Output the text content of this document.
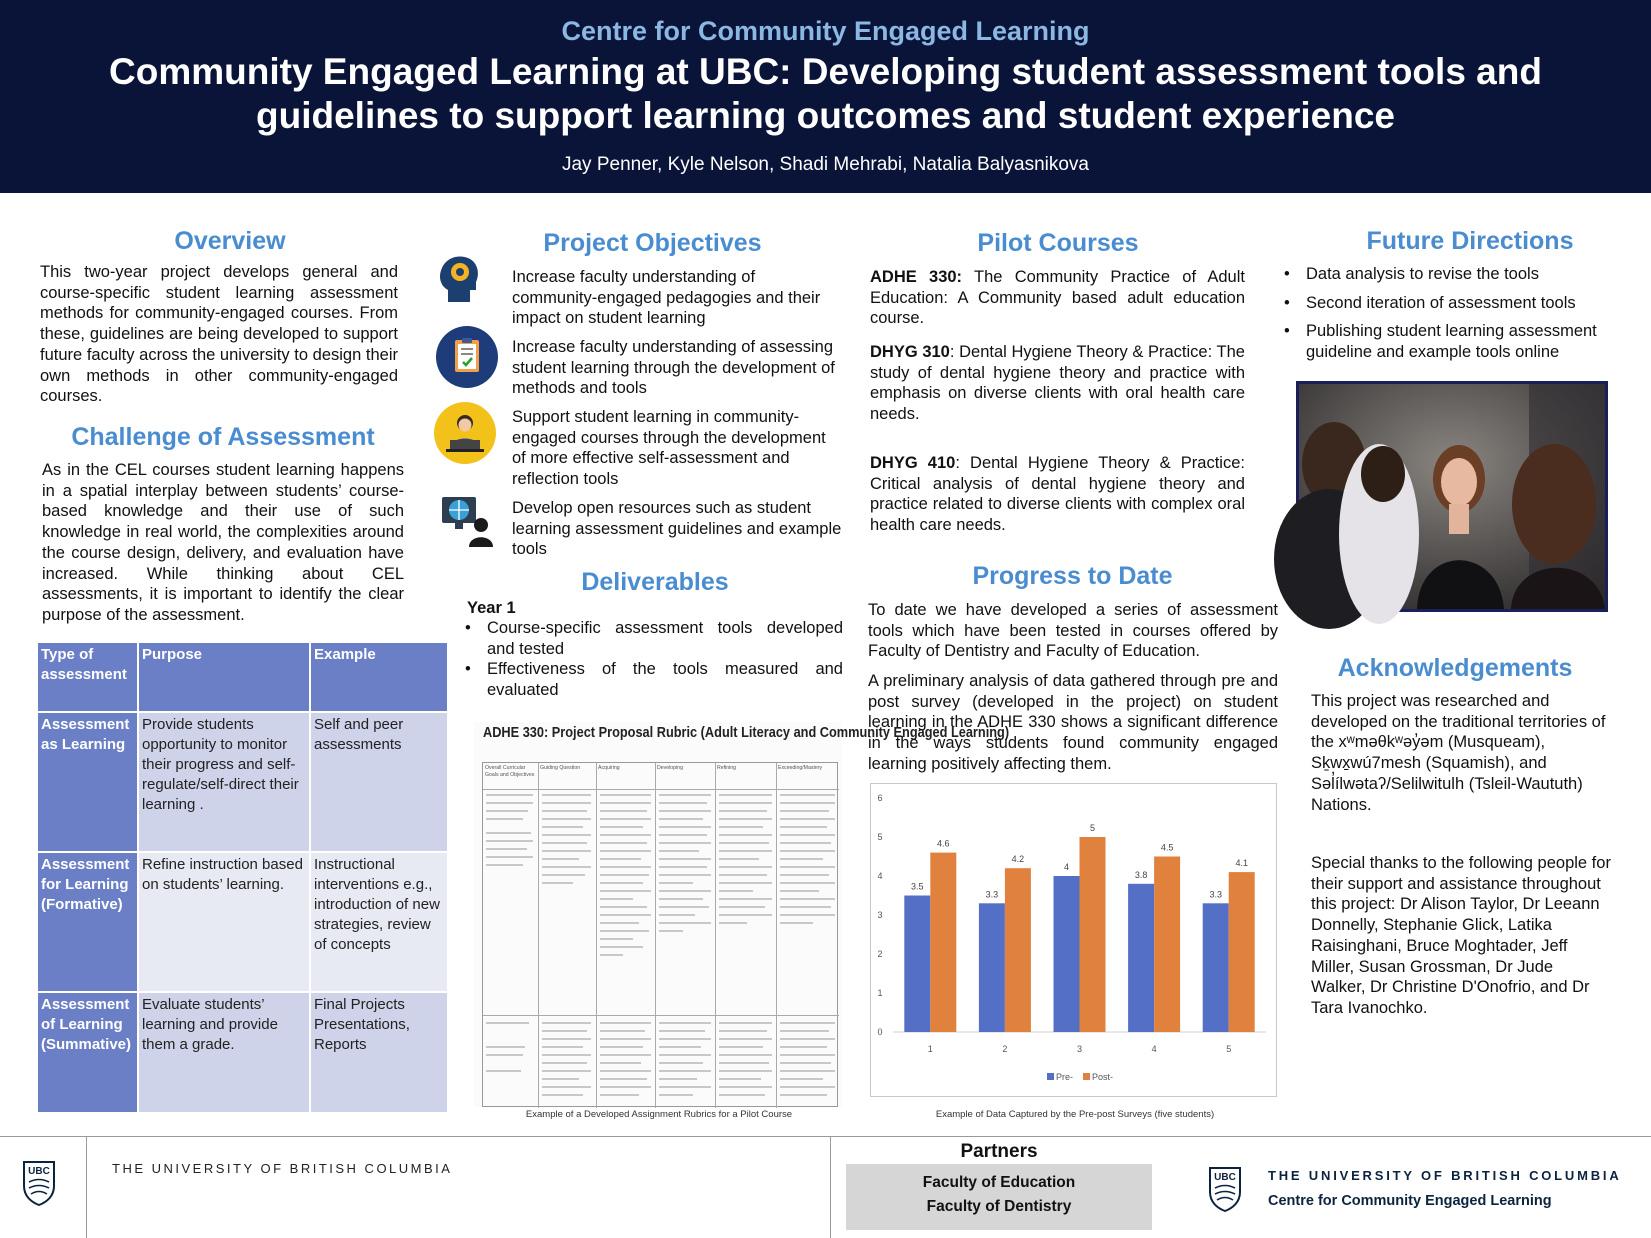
Centre for Community Engaged Learning
Community Engaged Learning at UBC: Developing student assessment tools and
guidelines to support learning outcomes and student experience
Jay Penner, Kyle Nelson, Shadi Mehrabi, Natalia Balyasnikova
Overview
This two-year project develops general and course-specific student learning assessment methods for community-engaged courses. From these, guidelines are being developed to support future faculty across the university to design their own methods in other community-engaged courses.
Challenge of Assessment
As in the CEL courses student learning happens in a spatial interplay between students’ course-based knowledge and their use of such knowledge in real world, the complexities around the course design, delivery, and evaluation have increased. While thinking about CEL assessments, it is important to identify the clear purpose of the assessment.
Type of assessment	Purpose	Example
Assessment as Learning	Provide students opportunity to monitor their progress and self-regulate/self-direct their learning .	Self and peer assessments
Assessment for Learning (Formative)	Refine instruction based on students’ learning.	Instructional interventions e.g., introduction of new strategies, review of concepts
Assessment of Learning (Summative)	Evaluate students’ learning and provide them a grade.	Final Projects Presentations, Reports
Project Objectives
Increase faculty understanding of community-engaged pedagogies and their impact on student learning
Increase faculty understanding of assessing student learning through the development of methods and tools
Support student learning in community-engaged courses through the development of more effective self-assessment and reflection tools
Develop open resources such as student learning assessment guidelines and example tools
Deliverables
Year 1
• Course-specific assessment tools developed and tested
• Effectiveness of the tools measured and evaluated
ADHE 330: Project Proposal Rubric (Adult Literacy and Community Engaged Learning)
Overall Curricular Goals and Objectives
Guiding Question	Acquiring	Developing	Refining	Exceeding/Mastery
Example of a Developed Assignment Rubrics for a Pilot Course
Pilot Courses
ADHE 330: The Community Practice of Adult Education: A Community based adult education course.
DHYG 310: Dental Hygiene Theory & Practice: The study of dental hygiene theory and practice with emphasis on diverse clients with oral health care needs.
DHYG 410: Dental Hygiene Theory & Practice: Critical analysis of dental hygiene theory and practice related to diverse clients with complex oral health care needs.
Progress to Date
To date we have developed a series of assessment tools which have been tested in courses offered by Faculty of Dentistry and Faculty of Education.
A preliminary analysis of data gathered through pre and post survey (developed in the project) on student learning in the ADHE 330 shows a significant difference in the ways students found community engaged learning positively affecting them.
0
1
2
3
4
5
6
3.5
4.6
1
3.3
4.2
2
4
5
3
3.8
4.5
4
3.3
4.1
5
Pre- Post-
Example of Data Captured by the Pre-post Surveys (five students)
Future Directions
• Data analysis to revise the tools
• Second iteration of assessment tools
• Publishing student learning assessment guideline and example tools online
Acknowledgements
This project was researched and developed on the traditional territories of the xʷməθkʷəy̓əm (Musqueam), Sḵwx̱wú7mesh (Squamish), and Səl̓ílwətaʔ/Selilwitulh (Tsleil-Waututh) Nations.
Special thanks to the following people for their support and assistance throughout this project: Dr Alison Taylor, Dr Leeann Donnelly, Stephanie Glick, Latika Raisinghani, Bruce Moghtader, Jeff Miller, Susan Grossman, Dr Jude Walker, Dr Christine D'Onofrio, and Dr Tara Ivanochko.
UBC	THE UNIVERSITY OF BRITISH COLUMBIA
Partners
Faculty of Education
Faculty of Dentistry
UBC THE UNIVERSITY OF BRITISH COLUMBIA
Centre for Community Engaged Learning
